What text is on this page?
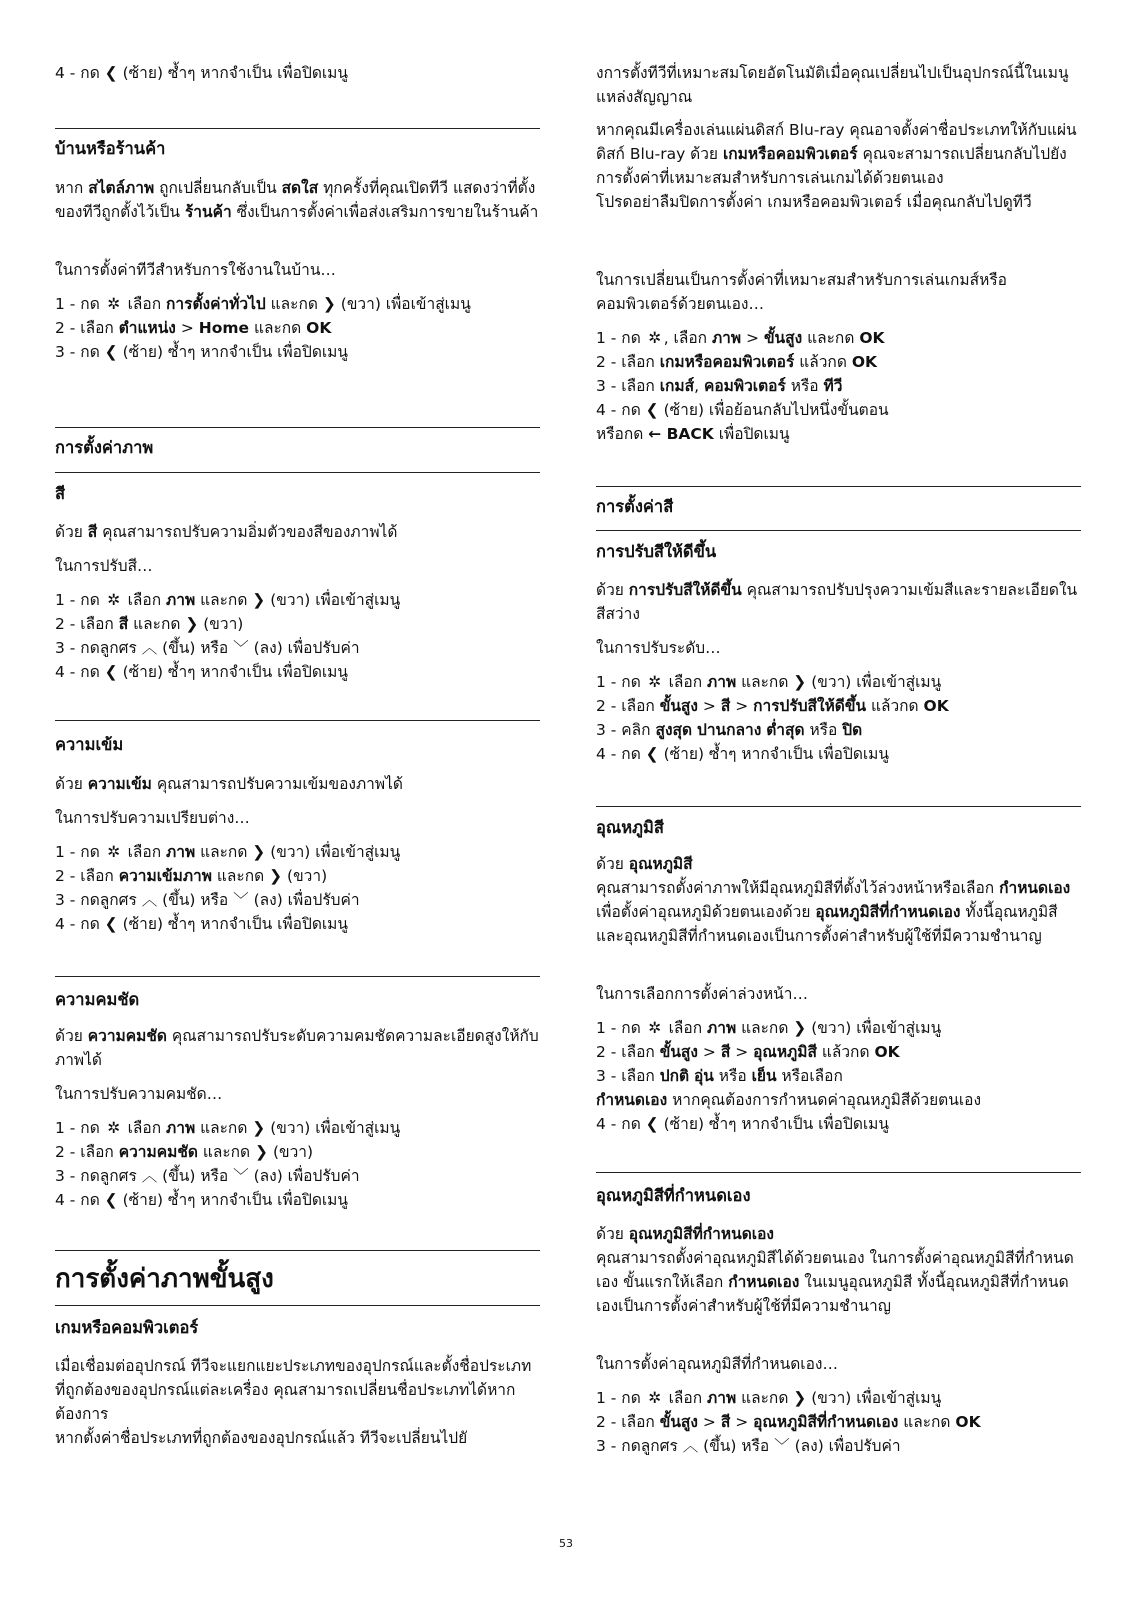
4 - กด ❮ (ซ้าย) ซ้ำๆ หากจำเป็น เพื่อปิดเมนู
บ้านหรือร้านค้า
หาก สไตล์ภาพ ถูกเปลี่ยนกลับเป็น สดใส ทุกครั้งที่คุณเปิดทีวี แสดงว่าที่ตั้งของทีวีถูกตั้งไว้เป็น ร้านค้า ซึ่งเป็นการตั้งค่าเพื่อส่งเสริมการขายในร้านค้า
ในการตั้งค่าทีวีสำหรับการใช้งานในบ้าน…
1 - กด ✲ เลือก การตั้งค่าทั่วไป และกด ❯ (ขวา) เพื่อเข้าสู่เมนู
2 - เลือก ตำแหน่ง > Home และกด OK
3 - กด ❮ (ซ้าย) ซ้ำๆ หากจำเป็น เพื่อปิดเมนู
การตั้งค่าภาพ
สี
ด้วย สี คุณสามารถปรับความอิ่มตัวของสีของภาพได้
ในการปรับสี…
1 - กด ✲ เลือก ภาพ และกด ❯ (ขวา) เพื่อเข้าสู่เมนู
2 - เลือก สี และกด ❯ (ขวา)
3 - กดลูกศร ︿ (ขึ้น) หรือ ﹀ (ลง) เพื่อปรับค่า
4 - กด ❮ (ซ้าย) ซ้ำๆ หากจำเป็น เพื่อปิดเมนู
ความเข้ม
ด้วย ความเข้ม คุณสามารถปรับความเข้มของภาพได้
ในการปรับความเปรียบต่าง…
1 - กด ✲ เลือก ภาพ และกด ❯ (ขวา) เพื่อเข้าสู่เมนู
2 - เลือก ความเข้มภาพ และกด ❯ (ขวา)
3 - กดลูกศร ︿ (ขึ้น) หรือ ﹀ (ลง) เพื่อปรับค่า
4 - กด ❮ (ซ้าย) ซ้ำๆ หากจำเป็น เพื่อปิดเมนู
ความคมชัด
ด้วย ความคมชัด คุณสามารถปรับระดับความคมชัดความละเอียดสูงให้กับภาพได้
ในการปรับความคมชัด…
1 - กด ✲ เลือก ภาพ และกด ❯ (ขวา) เพื่อเข้าสู่เมนู
2 - เลือก ความคมชัด และกด ❯ (ขวา)
3 - กดลูกศร ︿ (ขึ้น) หรือ ﹀ (ลง) เพื่อปรับค่า
4 - กด ❮ (ซ้าย) ซ้ำๆ หากจำเป็น เพื่อปิดเมนู
การตั้งค่าภาพขั้นสูง
เกมหรือคอมพิวเตอร์
เมื่อเชื่อมต่ออุปกรณ์ ทีวีจะแยกแยะประเภทของอุปกรณ์และตั้งชื่อประเภทที่ถูกต้องของอุปกรณ์แต่ละเครื่อง คุณสามารถเปลี่ยนชื่อประเภทได้หากต้องการ
หากตั้งค่าชื่อประเภทที่ถูกต้องของอุปกรณ์แล้ว ทีวีจะเปลี่ยนไปยั
งการตั้งทีวีที่เหมาะสมโดยอัตโนมัติเมื่อคุณเปลี่ยนไปเป็นอุปกรณ์นี้ในเมนูแหล่งสัญญาณ
หากคุณมีเครื่องเล่นแผ่นดิสก์ Blu-ray คุณอาจตั้งค่าชื่อประเภทให้กับแผ่นดิสก์ Blu-ray ด้วย เกมหรือคอมพิวเตอร์ คุณจะสามารถเปลี่ยนกลับไปยังการตั้งค่าที่เหมาะสมสำหรับการเล่นเกมได้ด้วยตนเอง
โปรดอย่าลืมปิดการตั้งค่า เกมหรือคอมพิวเตอร์ เมื่อคุณกลับไปดูทีวี
ในการเปลี่ยนเป็นการตั้งค่าที่เหมาะสมสำหรับการเล่นเกมส์หรือคอมพิวเตอร์ด้วยตนเอง…
1 - กด ✲ , เลือก ภาพ > ขั้นสูง และกด OK
2 - เลือก เกมหรือคอมพิวเตอร์ แล้วกด OK
3 - เลือก เกมส์, คอมพิวเตอร์ หรือ ทีวี
4 - กด ❮ (ซ้าย) เพื่อย้อนกลับไปหนึ่งขั้นตอน
หรือกด ← BACK เพื่อปิดเมนู
การตั้งค่าสี
การปรับสีให้ดีขึ้น
ด้วย การปรับสีให้ดีขึ้น คุณสามารถปรับปรุงความเข้มสีและรายละเอียดในสีสว่าง
ในการปรับระดับ…
1 - กด ✲ เลือก ภาพ และกด ❯ (ขวา) เพื่อเข้าสู่เมนู
2 - เลือก ขั้นสูง > สี > การปรับสีให้ดีขึ้น แล้วกด OK
3 - คลิก สูงสุด ปานกลาง ต่ำสุด หรือ ปิด
4 - กด ❮ (ซ้าย) ซ้ำๆ หากจำเป็น เพื่อปิดเมนู
อุณหภูมิสี
ด้วย อุณหภูมิสี
คุณสามารถตั้งค่าภาพให้มีอุณหภูมิสีที่ตั้งไว้ล่วงหน้าหรือเลือก กำหนดเอง เพื่อตั้งค่าอุณหภูมิด้วยตนเองด้วย อุณหภูมิสีที่กำหนดเอง ทั้งนี้อุณหภูมิสีและอุณหภูมิสีที่กำหนดเองเป็นการตั้งค่าสำหรับผู้ใช้ที่มีความชำนาญ
ในการเลือกการตั้งค่าล่วงหน้า…
1 - กด ✲ เลือก ภาพ และกด ❯ (ขวา) เพื่อเข้าสู่เมนู
2 - เลือก ขั้นสูง > สี > อุณหภูมิสี แล้วกด OK
3 - เลือก ปกติ อุ่น หรือ เย็น หรือเลือก
กำหนดเอง หากคุณต้องการกำหนดค่าอุณหภูมิสีด้วยตนเอง
4 - กด ❮ (ซ้าย) ซ้ำๆ หากจำเป็น เพื่อปิดเมนู
อุณหภูมิสีที่กำหนดเอง
ด้วย อุณหภูมิสีที่กำหนดเอง
คุณสามารถตั้งค่าอุณหภูมิสีได้ด้วยตนเอง ในการตั้งค่าอุณหภูมิสีที่กำหนดเอง ขั้นแรกให้เลือก กำหนดเอง ในเมนูอุณหภูมิสี ทั้งนี้อุณหภูมิสีที่กำหนดเองเป็นการตั้งค่าสำหรับผู้ใช้ที่มีความชำนาญ
ในการตั้งค่าอุณหภูมิสีที่กำหนดเอง…
1 - กด ✲ เลือก ภาพ และกด ❯ (ขวา) เพื่อเข้าสู่เมนู
2 - เลือก ขั้นสูง > สี > อุณหภูมิสีที่กำหนดเอง และกด OK
3 - กดลูกศร ︿ (ขึ้น) หรือ ﹀ (ลง) เพื่อปรับค่า
53
